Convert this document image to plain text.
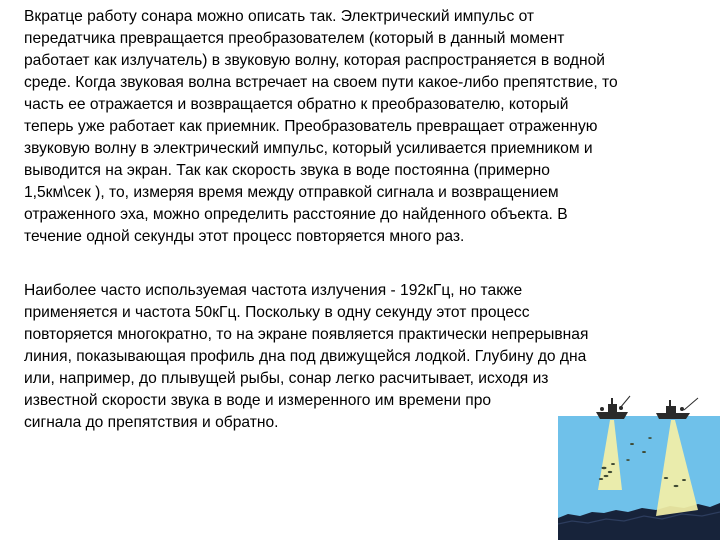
Вкратце работу сонара можно описать так. Электрический импульс от
передатчика превращается преобразователем (который в данный момент
работает как излучатель) в звуковую волну, которая распространяется в водной
среде. Когда звуковая волна встречает на своем пути какое-либо препятствие, то
часть ее отражается и возвращается обратно к преобразователю, который
теперь уже работает как приемник. Преобразователь превращает отраженную
звуковую волну в электрический импульс, который усиливается приемником и
выводится на экран. Так как скорость звука в воде постоянна (примерно
1,5км\сек ), то, измеряя время между отправкой сигнала и возвращением
отраженного эха, можно определить расстояние до найденного объекта. В
течение одной секунды этот процесс повторяется много раз.
Наиболее часто используемая частота излучения - 192кГц, но также
применяется и частота 50кГц. Поскольку в одну секунду этот процесс
повторяется многократно, то на экране появляется практически непрерывная
линия, показывающая профиль дна под движущейся лодкой. Глубину до дна
или, например, до плывущей рыбы, сонар легко расчитывает, исходя из
известной скорости звука в воде и измеренного им времени про
сигнала до препятствия и обратно.
